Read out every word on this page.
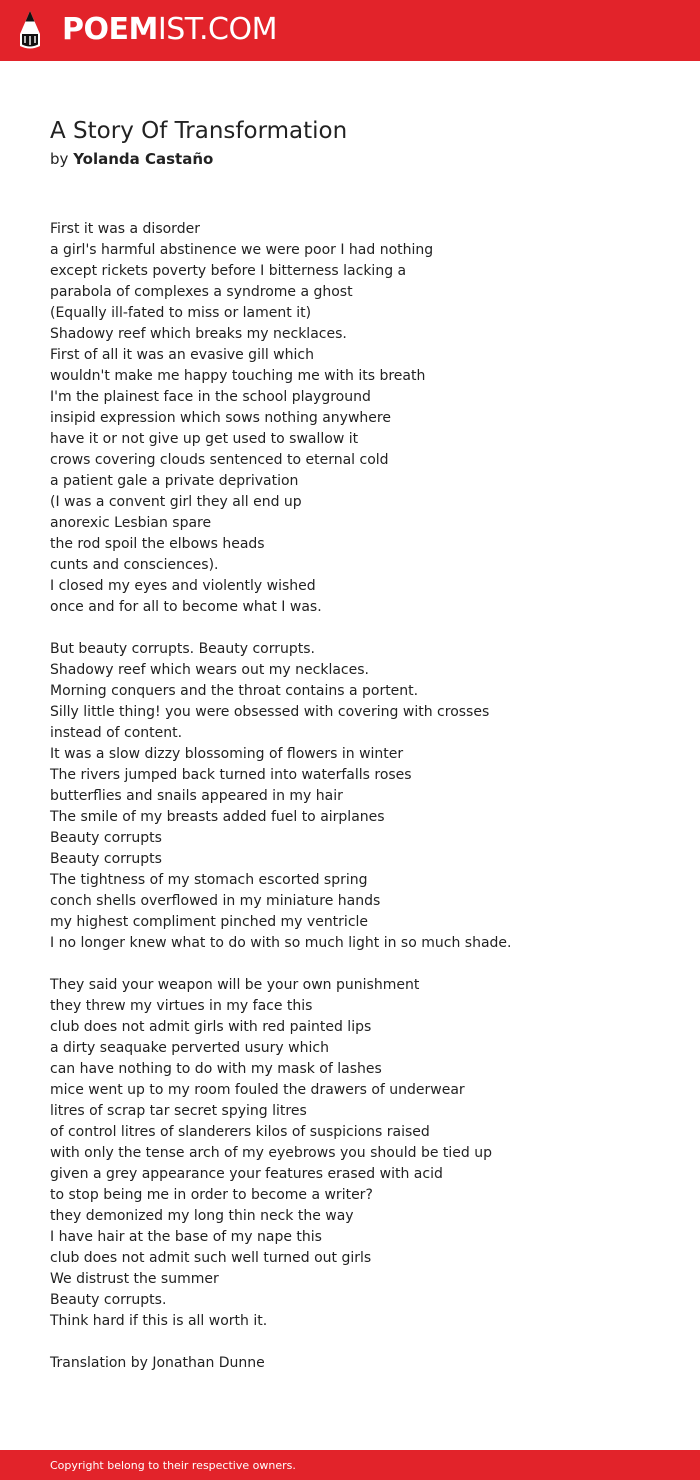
POEMIST.COM
A Story Of Transformation
by Yolanda Castaño
First it was a disorder
a girl's harmful abstinence we were poor I had nothing
except rickets poverty before I bitterness lacking a
parabola of complexes a syndrome a ghost
(Equally ill-fated to miss or lament it)
Shadowy reef which breaks my necklaces.
First of all it was an evasive gill which
wouldn't make me happy touching me with its breath
I'm the plainest face in the school playground
insipid expression which sows nothing anywhere
have it or not give up get used to swallow it
crows covering clouds sentenced to eternal cold
a patient gale a private deprivation
(I was a convent girl they all end up
anorexic Lesbian spare
the rod spoil the elbows heads
cunts and consciences).
I closed my eyes and violently wished
once and for all to become what I was.
But beauty corrupts. Beauty corrupts.
Shadowy reef which wears out my necklaces.
Morning conquers and the throat contains a portent.
Silly little thing! you were obsessed with covering with crosses
instead of content.
It was a slow dizzy blossoming of flowers in winter
The rivers jumped back turned into waterfalls roses
butterflies and snails appeared in my hair
The smile of my breasts added fuel to airplanes
Beauty corrupts
Beauty corrupts
The tightness of my stomach escorted spring
conch shells overflowed in my miniature hands
my highest compliment pinched my ventricle
I no longer knew what to do with so much light in so much shade.
They said your weapon will be your own punishment
they threw my virtues in my face this
club does not admit girls with red painted lips
a dirty seaquake perverted usury which
can have nothing to do with my mask of lashes
mice went up to my room fouled the drawers of underwear
litres of scrap tar secret spying litres
of control litres of slanderers kilos of suspicions raised
with only the tense arch of my eyebrows you should be tied up
given a grey appearance your features erased with acid
to stop being me in order to become a writer?
they demonized my long thin neck the way
I have hair at the base of my nape this
club does not admit such well turned out girls
We distrust the summer
Beauty corrupts.
Think hard if this is all worth it.
Translation by Jonathan Dunne
Copyright belong to their respective owners.
